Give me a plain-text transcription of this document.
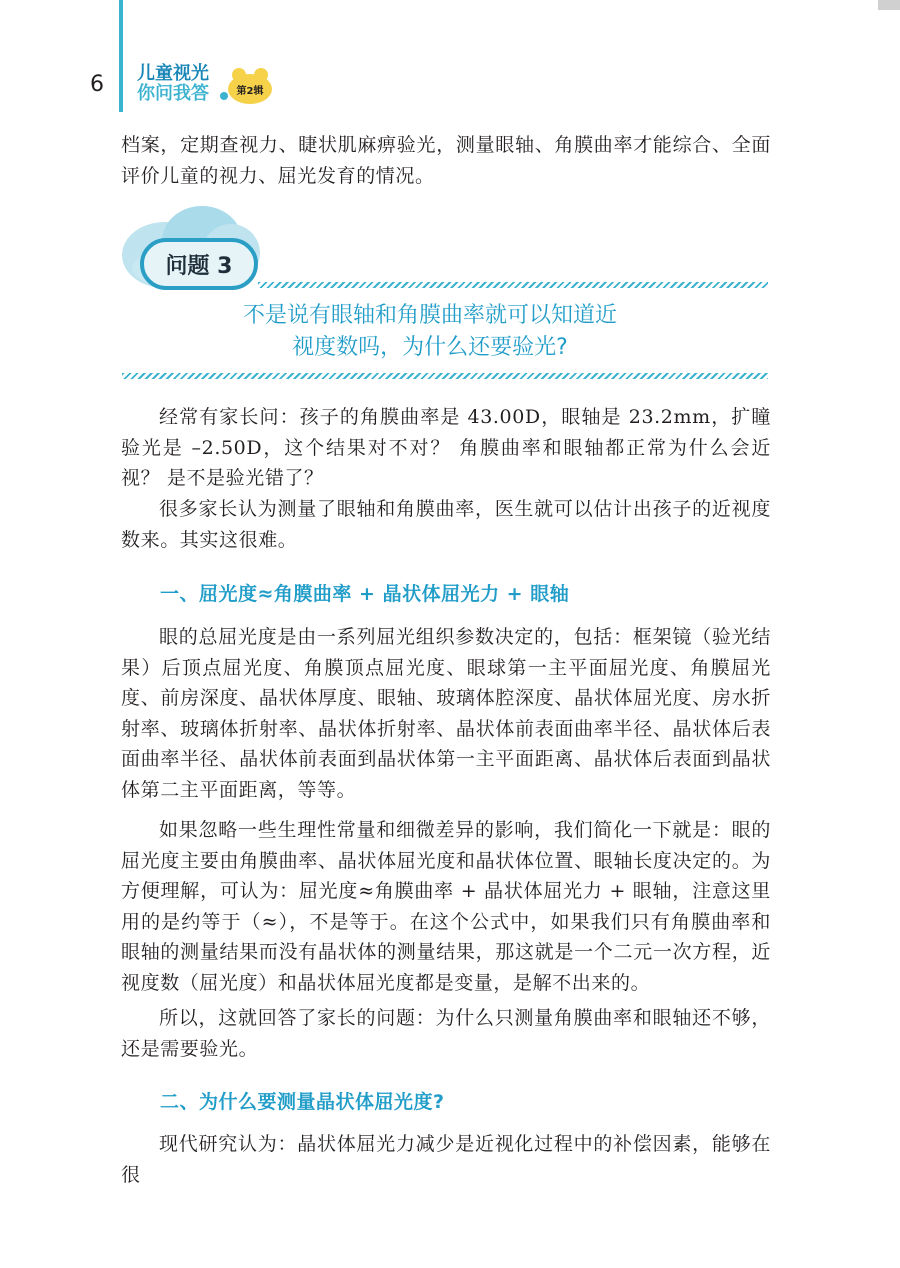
6 儿童视光
你问我答	第2辑

档案，定期查视力、睫状肌麻痹验光，测量眼轴、角膜曲率才能综合、全面评价儿童的视力、屈光发育的情况。

问题 3
不是说有眼轴和角膜曲率就可以知道近
视度数吗，为什么还要验光?

经常有家长问：孩子的角膜曲率是 43.00D，眼轴是 23.2mm，扩瞳验光是 –2.50D，这个结果对不对？ 角膜曲率和眼轴都正常为什么会近视？ 是不是验光错了？

很多家长认为测量了眼轴和角膜曲率，医生就可以估计出孩子的近视度数来。其实这很难。

一、屈光度≈角膜曲率 + 晶状体屈光力 + 眼轴

眼的总屈光度是由一系列屈光组织参数决定的，包括：框架镜（验光结果）后顶点屈光度、角膜顶点屈光度、眼球第一主平面屈光度、角膜屈光度、前房深度、晶状体厚度、眼轴、玻璃体腔深度、晶状体屈光度、房水折射率、玻璃体折射率、晶状体折射率、晶状体前表面曲率半径、晶状体后表面曲率半径、晶状体前表面到晶状体第一主平面距离、晶状体后表面到晶状体第二主平面距离，等等。

如果忽略一些生理性常量和细微差异的影响，我们简化一下就是：眼的屈光度主要由角膜曲率、晶状体屈光度和晶状体位置、眼轴长度决定的。为方便理解，可认为：屈光度≈角膜曲率 + 晶状体屈光力 + 眼轴，注意这里用的是约等于（≈），不是等于。在这个公式中，如果我们只有角膜曲率和眼轴的测量结果而没有晶状体的测量结果，那这就是一个二元一次方程，近视度数（屈光度）和晶状体屈光度都是变量，是解不出来的。

所以，这就回答了家长的问题：为什么只测量角膜曲率和眼轴还不够，还是需要验光。

二、为什么要测量晶状体屈光度?

现代研究认为：晶状体屈光力减少是近视化过程中的补偿因素，能够在很
